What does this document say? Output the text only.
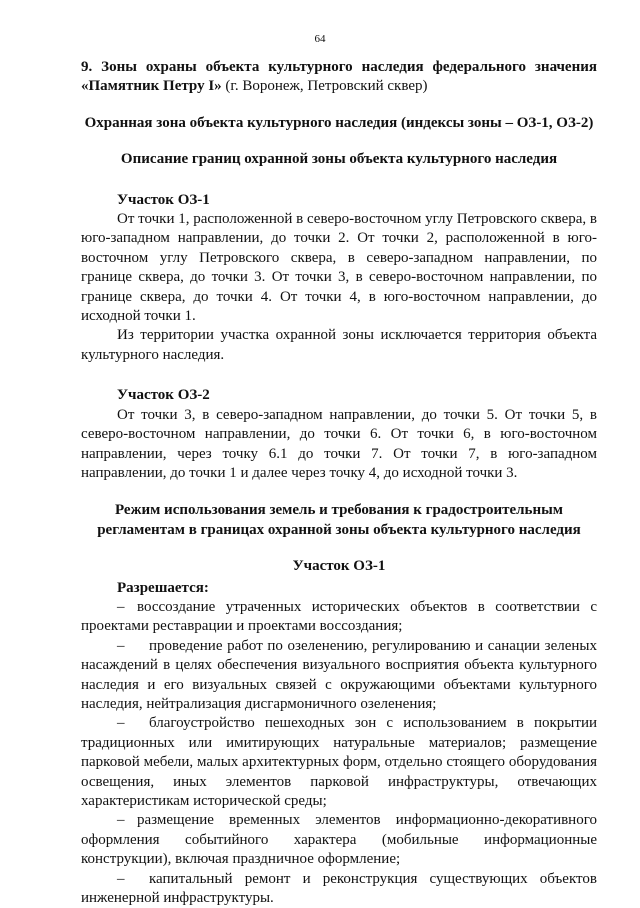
64
9. Зоны охраны объекта культурного наследия федерального значения
«Памятник Петру I» (г. Воронеж, Петровский сквер)
Охранная зона объекта культурного наследия (индексы зоны – ОЗ-1, ОЗ-2)
Описание границ охранной зоны объекта культурного наследия
Участок ОЗ-1
От точки 1, расположенной в северо-восточном углу Петровского сквера, в юго-западном направлении, до точки 2. От точки 2, расположенной в юго-восточном углу Петровского сквера, в северо-западном направлении, по границе сквера, до точки 3. От точки 3, в северо-восточном направлении, по границе сквера, до точки 4. От точки 4, в юго-восточном направлении, до исходной точки 1.
Из территории участка охранной зоны исключается территория объекта культурного наследия.
Участок ОЗ-2
От точки 3, в северо-западном направлении, до точки 5. От точки 5, в северо-восточном направлении, до точки 6. От точки 6, в юго-восточном направлении, через точку 6.1 до точки 7. От точки 7, в юго-западном направлении, до точки 1 и далее через точку 4, до исходной точки 3.
Режим использования земель и требования к градостроительным
регламентам в границах охранной зоны объекта культурного наследия
Участок ОЗ-1
Разрешается:
– воссоздание утраченных исторических объектов в соответствии с проектами реставрации и проектами воссоздания;
– проведение работ по озеленению, регулированию и санации зеленых насаждений в целях обеспечения визуального восприятия объекта культурного наследия и его визуальных связей с окружающими объектами культурного наследия, нейтрализация дисгармоничного озеленения;
– благоустройство пешеходных зон с использованием в покрытии традиционных или имитирующих натуральные материалов; размещение парковой мебели, малых архитектурных форм, отдельно стоящего оборудования освещения, иных элементов парковой инфраструктуры, отвечающих характеристикам исторической среды;
– размещение временных элементов информационно-декоративного оформления событийного характера (мобильные информационные конструкции), включая праздничное оформление;
– капитальный ремонт и реконструкция существующих объектов инженерной инфраструктуры.
